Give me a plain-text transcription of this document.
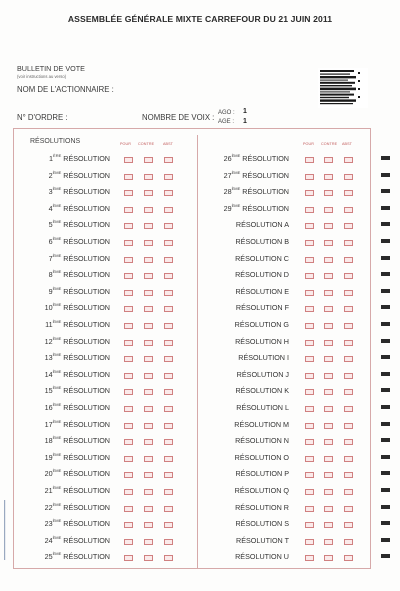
ASSEMBLÉE GÉNÉRALE MIXTE CARREFOUR DU 21 JUIN 2011
BULLETIN DE VOTE
(voir instructions au verso)
NOM DE L'ACTIONNAIRE :
N° D'ORDRE :	NOMBRE DE VOIX : AGO : 1
AGE : 1
RÉSOLUTIONS	POUR CONTRE ABST	POUR CONTRE ABST
1ÈRE RÉSOLUTION
2ÈME RÉSOLUTION
3ÈME RÉSOLUTION
4ÈME RÉSOLUTION
5ÈME RÉSOLUTION
6ÈME RÉSOLUTION
7ÈME RÉSOLUTION
8ÈME RÉSOLUTION
9ÈME RÉSOLUTION
10ÈME RÉSOLUTION
11ÈME RÉSOLUTION
12ÈME RÉSOLUTION
13ÈME RÉSOLUTION
14ÈME RÉSOLUTION
15ÈME RÉSOLUTION
16ÈME RÉSOLUTION
17ÈME RÉSOLUTION
18ÈME RÉSOLUTION
19ÈME RÉSOLUTION
20ÈME RÉSOLUTION
21ÈME RÉSOLUTION
22ÈME RÉSOLUTION
23ÈME RÉSOLUTION
24ÈME RÉSOLUTION
25ÈME RÉSOLUTION
26ÈME RÉSOLUTION
27ÈME RÉSOLUTION
28ÈME RÉSOLUTION
29ÈME RÉSOLUTION
RÉSOLUTION A
RÉSOLUTION B
RÉSOLUTION C
RÉSOLUTION D
RÉSOLUTION E
RÉSOLUTION F
RÉSOLUTION G
RÉSOLUTION H
RÉSOLUTION I
RÉSOLUTION J
RÉSOLUTION K
RÉSOLUTION L
RÉSOLUTION M
RÉSOLUTION N
RÉSOLUTION O
RÉSOLUTION P
RÉSOLUTION Q
RÉSOLUTION R
RÉSOLUTION S
RÉSOLUTION T
RÉSOLUTION U
